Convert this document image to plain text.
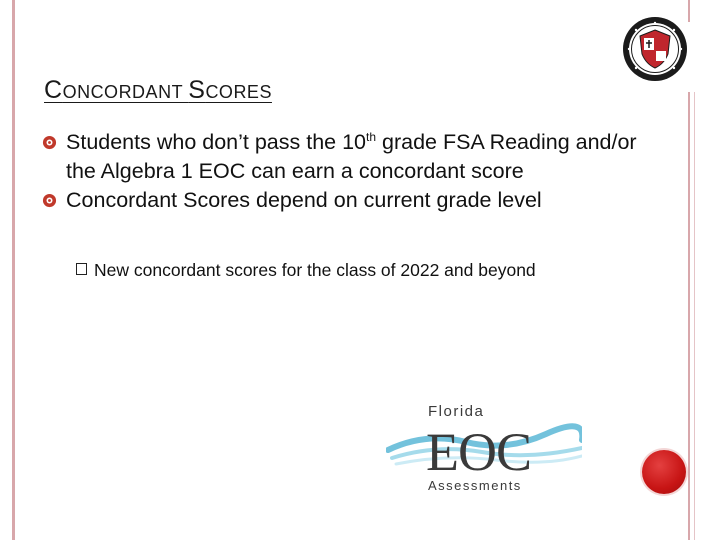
CONCORDANT SCORES
Students who don’t pass the 10th grade FSA Reading and/or the Algebra 1 EOC can earn a concordant score
Concordant Scores depend on current grade level
New concordant scores for the class of 2022 and beyond
Florida
EOC
Assessments
